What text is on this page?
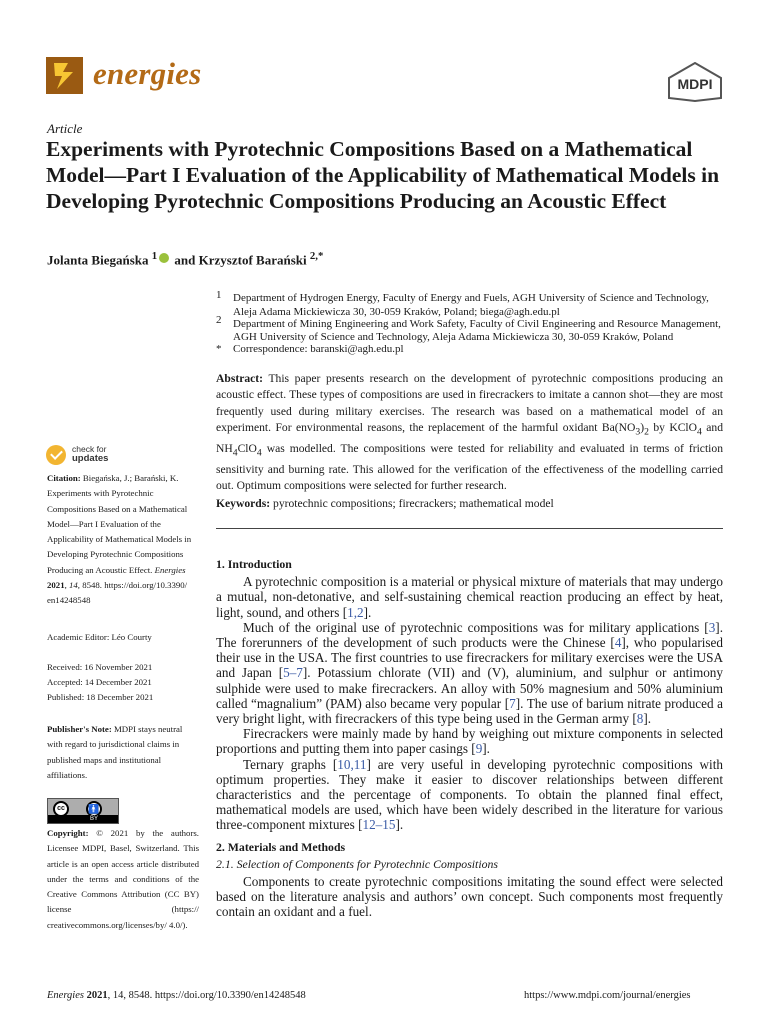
energies	MDPI
Article
Experiments with Pyrotechnic Compositions Based on a Mathematical Model—Part I Evaluation of the Applicability of Mathematical Models in Developing Pyrotechnic Compositions Producing an Acoustic Effect
Jolanta Biegańska $^1$ and Krzysztof Barański $^{2,*}$
1 Department of Hydrogen Energy, Faculty of Energy and Fuels, AGH University of Science and Technology,
Aleja Adama Mickiewicza 30, 30-059 Kraków, Poland; biega@agh.edu.pl
2 Department of Mining Engineering and Work Safety, Faculty of Civil Engineering and Resource Management,
AGH University of Science and Technology, Aleja Adama Mickiewicza 30, 30-059 Kraków, Poland
* Correspondence: baranski@agh.edu.pl
Abstract: This paper presents research on the development of pyrotechnic compositions producing an acoustic effect. These types of compositions are used in firecrackers to imitate a cannon shot—they are most frequently used during military exercises. The research was based on a mathematical model of an experiment. For environmental reasons, the replacement of the harmful oxidant $Ba(NO_3)_2$ by KClO$_4$ and $NH_4ClO_4$ was modelled. The compositions were tested for reliability and evaluated in terms of friction sensitivity and burning rate. This allowed for the verification of the effectiveness of the modelling carried out. Optimum compositions were selected for further research.
Keywords: pyrotechnic compositions; firecrackers; mathematical model
check for
updates
Citation: Biegańska, J.; Barański, K. Experiments with Pyrotechnic Compositions Based on a Mathematical Model—Part I Evaluation of the Applicability of Mathematical Models in Developing Pyrotechnic Compositions Producing an Acoustic Effect. Energies 2021, 14, 8548. https://doi.org/10.3390/ en14248548
Academic Editor: Léo Courty
Received: 16 November 2021
Accepted: 14 December 2021
Published: 18 December 2021
Publisher's Note: MDPI stays neutral with regard to jurisdictional claims in published maps and institutional affiliations.
cc	🚹
BY
Copyright: © 2021 by the authors. Licensee MDPI, Basel, Switzerland. This article is an open access article distributed under the terms and conditions of the Creative Commons Attribution (CC BY) license (https:// creativecommons.org/licenses/by/ 4.0/).
1. Introduction

A pyrotechnic composition is a material or physical mixture of materials that may undergo a mutual, non-detonative, and self-sustaining chemical reaction producing an effect by heat, light, sound, and others [1,2].

Much of the original use of pyrotechnic compositions was for military applications [3]. The forerunners of the development of such products were the Chinese [4], who popularised their use in the USA. The first countries to use firecrackers for military exercises were the USA and Japan [5–7]. Potassium chlorate (VII) and (V), aluminium, and sulphur or antimony sulphide were used to make firecrackers. An alloy with 50% magnesium and 50% aluminium called “magnalium” (PAM) also became very popular [7]. The use of barium nitrate produced a very bright light, with firecrackers of this type being used in the German army [8].

Firecrackers were mainly made by hand by weighing out mixture components in selected proportions and putting them into paper casings [9].

Ternary graphs [10,11] are very useful in developing pyrotechnic compositions with optimum properties. They make it easier to discover relationships between different characteristics and the percentage of components. To obtain the planned final effect, mathematical models are used, which have been widely described in the literature for various three-component mixtures [12–15].

2. Materials and Methods
2.1. Selection of Components for Pyrotechnic Compositions

Components to create pyrotechnic compositions imitating the sound effect were selected based on the literature analysis and authors’ own concept. Such components most frequently contain an oxidant and a fuel.

Energies 2021, 14, 8548. https://doi.org/10.3390/en14248548	https://www.mdpi.com/journal/energies
